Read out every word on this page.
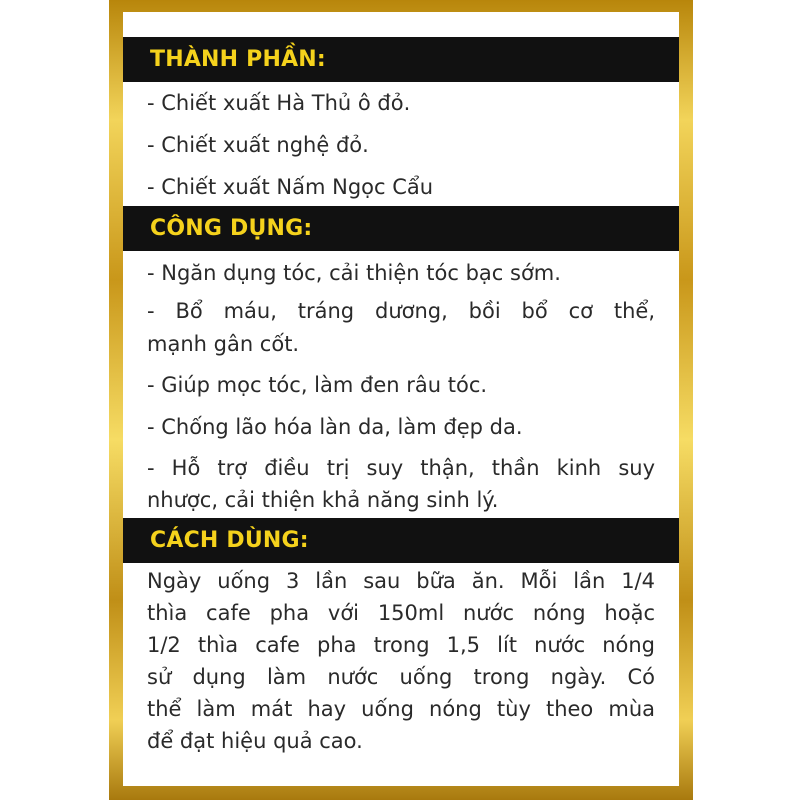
THÀNH PHẦN:
- Chiết xuất Hà Thủ ô đỏ.
- Chiết xuất nghệ đỏ.
- Chiết xuất Nấm Ngọc Cẩu
CÔNG DỤNG:
- Ngăn dụng tóc, cải thiện tóc bạc sớm.
- Bổ máu, tráng dương, bồi bổ cơ thể,
mạnh gân cốt.
- Giúp mọc tóc, làm đen râu tóc.
- Chống lão hóa làn da, làm đẹp da.
- Hỗ trợ điều trị suy thận, thần kinh suy
nhược, cải thiện khả năng sinh lý.
CÁCH DÙNG:
Ngày uống 3 lần sau bữa ăn. Mỗi lần 1/4
thìa cafe pha với 150ml nước nóng hoặc
1/2 thìa cafe pha trong 1,5 lít nước nóng
sử dụng làm nước uống trong ngày. Có
thể làm mát hay uống nóng tùy theo mùa
để đạt hiệu quả cao.
